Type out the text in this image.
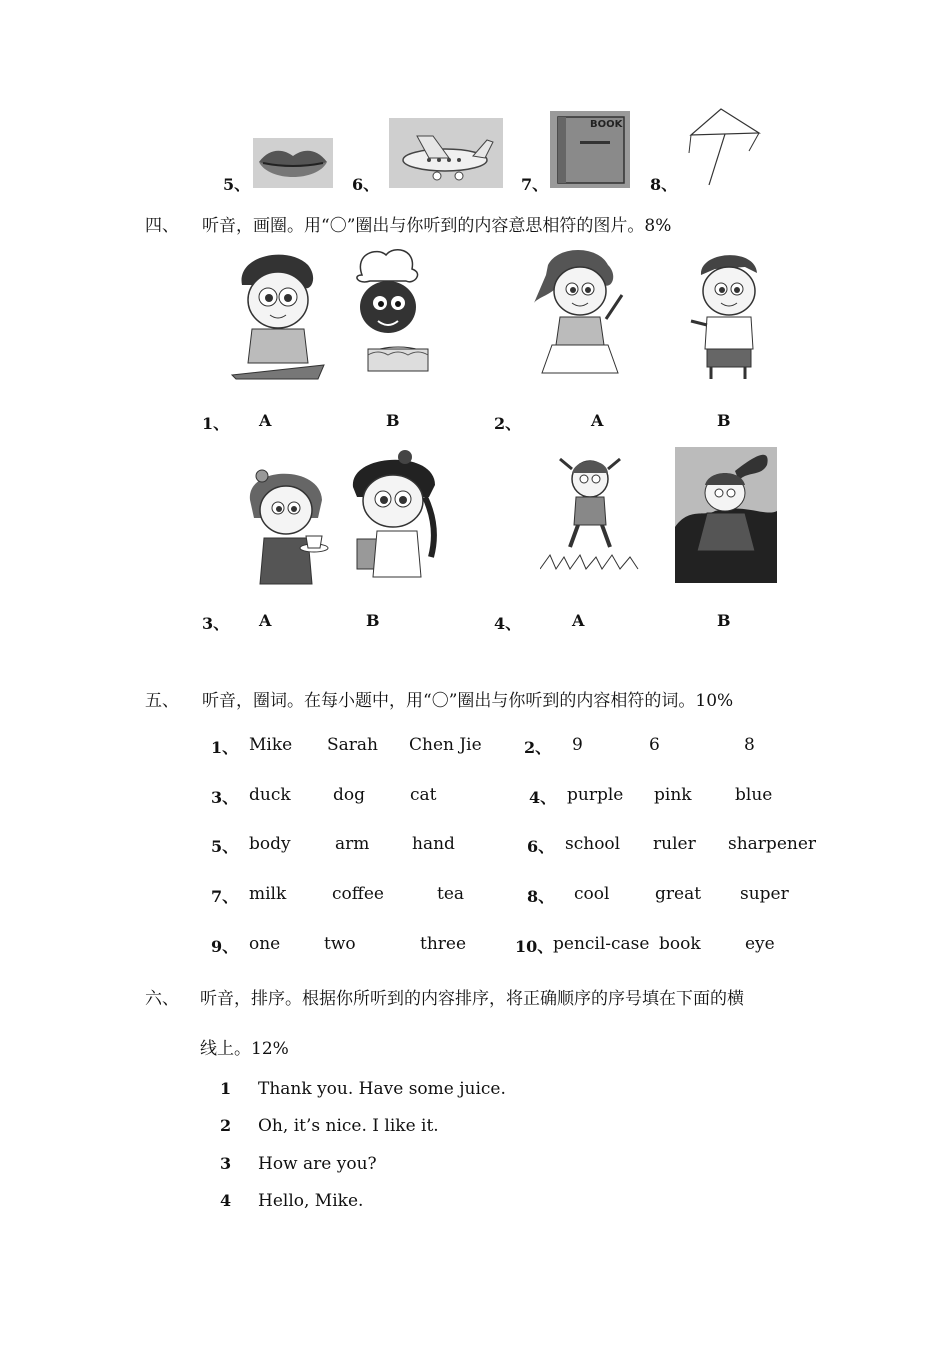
5、	6、	7、
BOOK
8、
四、 听音，画圈。用“〇”圈出与你听到的内容意思相符的图片。8%
1、 A	B	2、	A	B
3、 A	B	4、	A	B
五、 听音，圈词。在每小题中，用“〇”圈出与你听到的内容相符的词。10%
1、 Mike Sarah Chen Jie	2、 9	6	8
3、 duck dog	cat	4、 purple pink	blue
5、 body	arm	hand	6、 school ruler sharpener
7、 milk	coffee	tea	8、 cool	great super
9、 one	two	three	10、 pencil-case book	eye
六、 听音，排序。根据你所听到的内容排序，将正确顺序的序号填在下面的横
线上。12%
1 Thank you. Have some juice.
2 Oh, it’s nice. I like it.
3 How are you?
4 Hello, Mike.
